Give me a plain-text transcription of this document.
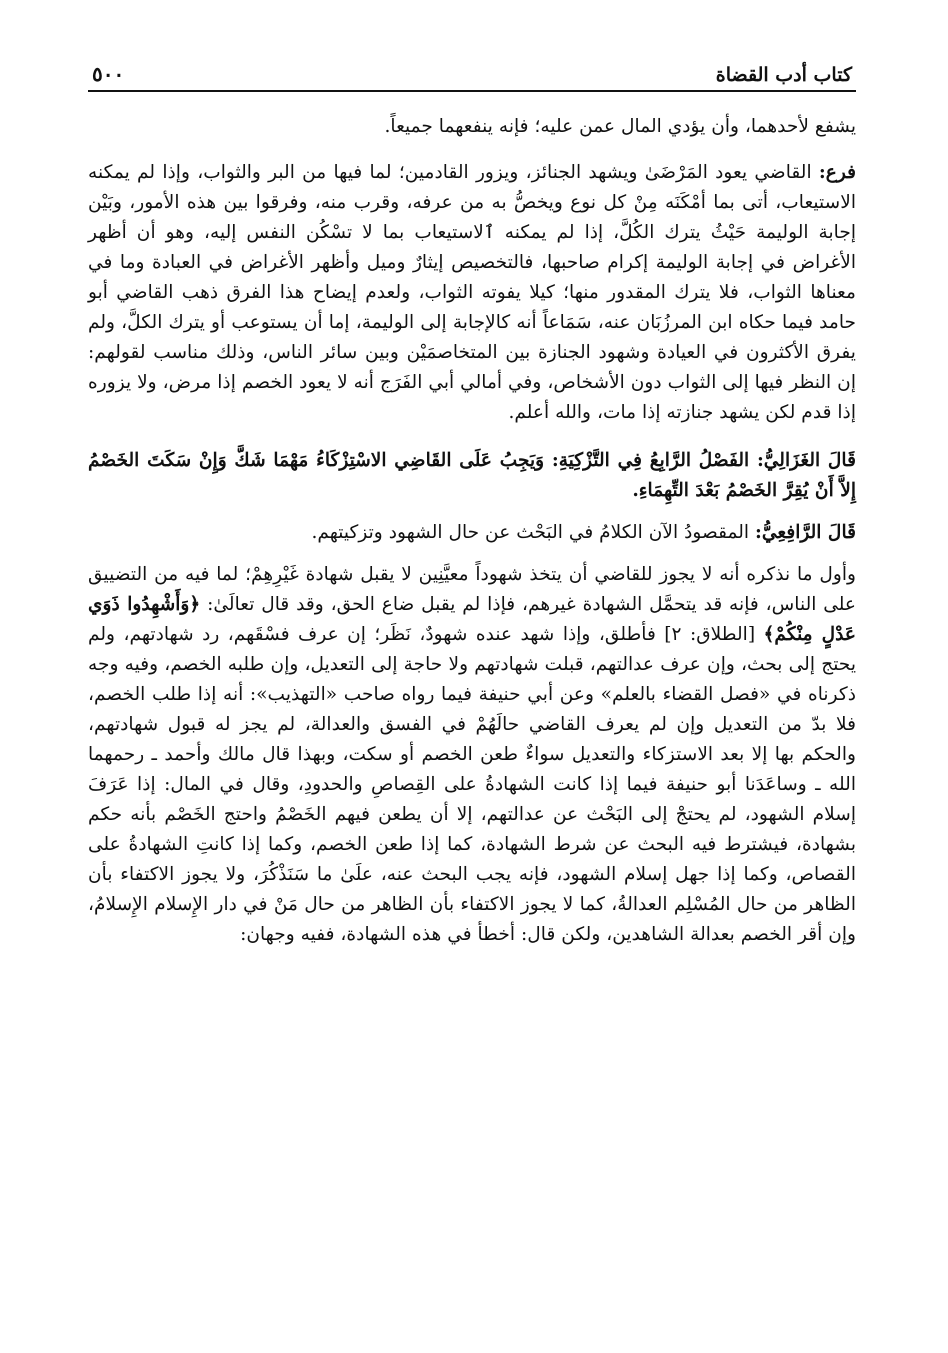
كتاب أدب القضاة
٥٠٠

يشفع لأحدهما، وأن يؤدي المال عمن عليه؛ فإنه ينفعهما جميعاً.

فرع: القاضي يعود المَرْضَىٰ ويشهد الجنائز، ويزور القادمين؛ لما فيها من البر والثواب، وإذا لم يمكنه الاستيعاب، أتى بما أمْكَنَه مِنْ كل نوع ويخصُّ به من عرفه، وقرب منه، وفرقوا بين هذه الأمور، وبَيْن إجابة الوليمة حَيْثُ يترك الكُلَّ، إذا لم يمكنه ٱلاستيعاب بما لا تسْكُن النفس إليه، وهو أن أظهر الأغراض في إجابة الوليمة إكرام صاحبها، فالتخصيص إيثارٌ وميل وأظهر الأغراض في العبادة وما في معناها الثواب، فلا يترك المقدور منها؛ كيلا يفوته الثواب، ولعدم إيضاح هذا الفرق ذهب القاضي أبو حامد فيما حكاه ابن المرزُبَان عنه، سَمَاعاً أنه كالإجابة إلى الوليمة، إما أن يستوعب أو يترك الكلَّ، ولم يفرق الأكثرون في العيادة وشهود الجنازة بين المتخاصمَيْن وبين سائر الناس، وذلك مناسب لقولهم: إن النظر فيها إلى الثواب دون الأشخاص، وفي أمالي أبي الفَرَج أنه لا يعود الخصم إذا مرض، ولا يزوره إذا قدم لكن يشهد جنازته إذا مات، والله أعلم.

قَالَ الغَزَالِيُّ: الفَصْلُ الرَّابِعُ فِي التَّزْكِيَةِ: وَيَجِبُ عَلَى القَاضِي الاسْتِزْكَاءُ مَهْمَا شَكَّ وَإِنْ سَكَتَ الخَصْمُ إِلاَّ أَنْ يُقِرَّ الخَصْمُ بَعْدَ التِّهِمَاءِ.

قَالَ الرَّافِعِيُّ: المقصودُ الآن الكلامُ في البَحْث عن حال الشهود وتزكيتهم.

وأول ما نذكره أنه لا يجوز للقاضي أن يتخذ شهوداً معيَّنِين لا يقبل شهادة غَيْرِهِمْ؛ لما فيه من التضييق على الناس، فإنه قد يتحمَّل الشهادة غيرهم، فإذا لم يقبل ضاع الحق، وقد قال تعالَىٰ: ﴿وَأَشْهِدُوا ذَوَي عَدْلٍ مِنْكُمْ﴾ [الطلاق: ٢] فأطلق، وإذا شهد عنده شهودٌ، نَظَر؛ إن عرف فسْقَهم، رد شهادتهم، ولم يحتج إلى بحث، وإن عرف عدالتهم، قبلت شهادتهم ولا حاجة إلى التعديل، وإن طلبه الخصم، وفيه وجه ذكرناه في «فصل القضاء بالعلم» وعن أبي حنيفة فيما رواه صاحب «التهذيب»: أنه إذا طلب الخصم، فلا بدّ من التعديل وإن لم يعرف القاضي حالَهُمْ في الفسق والعدالة، لم يجز له قبول شهادتهم، والحكم بها إلا بعد الاستزكاء والتعديل سواءٌ طعن الخصم أو سكت، وبهذا قال مالك وأحمد ـ رحمهما الله ـ وساعَدَنا أبو حنيفة فيما إذا كانت الشهادةُ على القِصاصِ والحدودِ، وقال في المال: إذا عَرَفَ إسلام الشهود، لم يحتجْ إلى البَحْث عن عدالتهم، إلا أن يطعن فيهم الخَصْمُ واحتج الخَصْم بأنه حكم بشهادة، فيشترط فيه البحث عن شرط الشهادة، كما إذا طعن الخصم، وكما إذا كانتِ الشهادةُ على القصاص، وكما إذا جهل إسلام الشهود، فإنه يجب البحث عنه، علَىٰ ما سَنَذْكُرَ، ولا يجوز الاكتفاء بأن الظاهر من حال المُسْلِم العدالةُ، كما لا يجوز الاكتفاء بأن الظاهر من حال مَنْ في دار الإِسلام الإِسلامُ، وإن أقر الخصم بعدالة الشاهدين، ولكن قال: أخطأ في هذه الشهادة، ففيه وجهان:
